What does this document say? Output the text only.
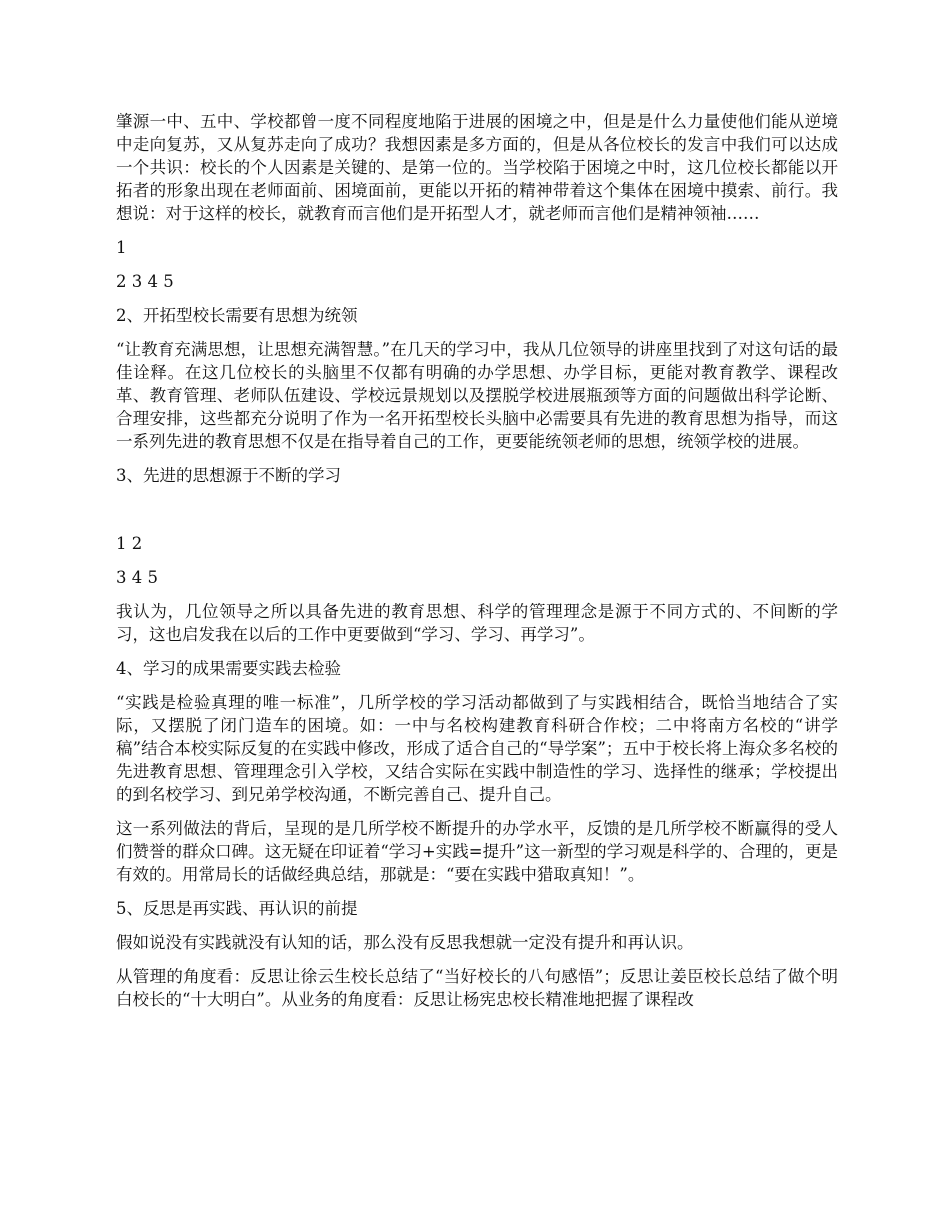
肇源一中、五中、学校都曾一度不同程度地陷于进展的困境之中，但是是什么力量使他们能从逆境中走向复苏，又从复苏走向了成功？我想因素是多方面的，但是从各位校长的发言中我们可以达成一个共识：校长的个人因素是关键的、是第一位的。当学校陷于困境之中时，这几位校长都能以开拓者的形象出现在老师面前、困境面前，更能以开拓的精神带着这个集体在困境中摸索、前行。我想说：对于这样的校长，就教育而言他们是开拓型人才，就老师而言他们是精神领袖……

1

2 3 4 5

2、开拓型校长需要有思想为统领

“让教育充满思想，让思想充满智慧。”在几天的学习中，我从几位领导的讲座里找到了对这句话的最佳诠释。在这几位校长的头脑里不仅都有明确的办学思想、办学目标，更能对教育教学、课程改革、教育管理、老师队伍建设、学校远景规划以及摆脱学校进展瓶颈等方面的问题做出科学论断、合理安排，这些都充分说明了作为一名开拓型校长头脑中必需要具有先进的教育思想为指导，而这一系列先进的教育思想不仅是在指导着自己的工作，更要能统领老师的思想，统领学校的进展。

3、先进的思想源于不断的学习

1 2

3 4 5

我认为，几位领导之所以具备先进的教育思想、科学的管理理念是源于不同方式的、不间断的学习，这也启发我在以后的工作中更要做到“学习、学习、再学习”。

4、学习的成果需要实践去检验

“实践是检验真理的唯一标准”，几所学校的学习活动都做到了与实践相结合，既恰当地结合了实际，又摆脱了闭门造车的困境。如：一中与名校构建教育科研合作校；二中将南方名校的“讲学稿”结合本校实际反复的在实践中修改，形成了适合自己的“导学案”；五中于校长将上海众多名校的先进教育思想、管理理念引入学校，又结合实际在实践中制造性的学习、选择性的继承；学校提出的到名校学习、到兄弟学校沟通，不断完善自己、提升自己。

这一系列做法的背后，呈现的是几所学校不断提升的办学水平，反馈的是几所学校不断赢得的受人们赞誉的群众口碑。这无疑在印证着“学习+实践=提升”这一新型的学习观是科学的、合理的，更是有效的。用常局长的话做经典总结，那就是：“要在实践中猎取真知！”。

5、反思是再实践、再认识的前提

假如说没有实践就没有认知的话，那么没有反思我想就一定没有提升和再认识。

从管理的角度看：反思让徐云生校长总结了“当好校长的八句感悟”；反思让姜臣校长总结了做个明白校长的“十大明白”。从业务的角度看：反思让杨宪忠校长精准地把握了课程改
